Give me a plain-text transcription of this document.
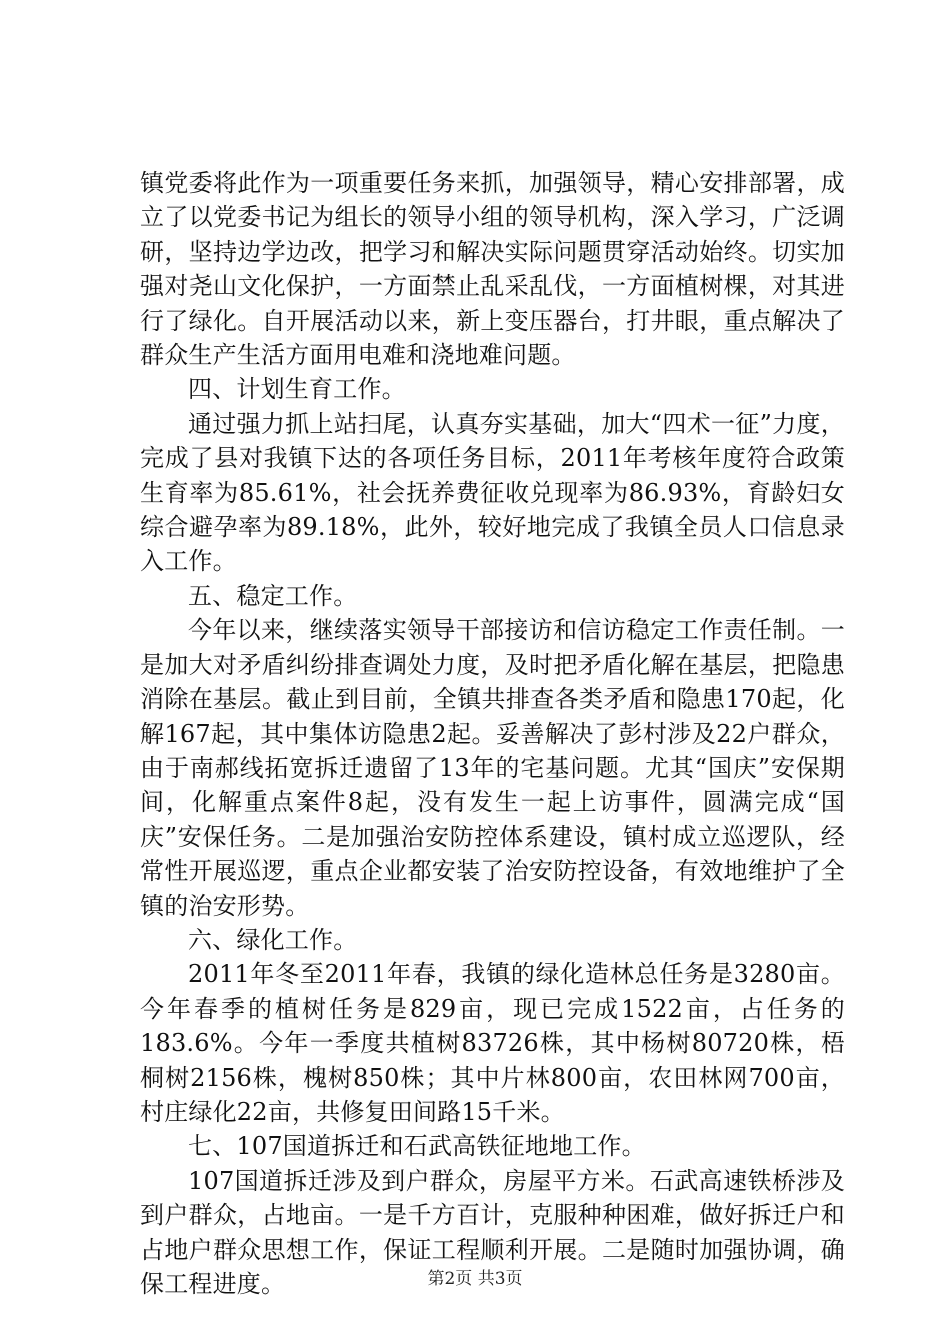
镇党委将此作为一项重要任务来抓，加强领导，精心安排部署，成立了以党委书记为组长的领导小组的领导机构，深入学习，广泛调研，坚持边学边改，把学习和解决实际问题贯穿活动始终。切实加强对尧山文化保护，一方面禁止乱采乱伐，一方面植树棵，对其进行了绿化。自开展活动以来，新上变压器台，打井眼，重点解决了群众生产生活方面用电难和浇地难问题。

四、计划生育工作。

通过强力抓上站扫尾，认真夯实基础，加大“四术一征”力度，完成了县对我镇下达的各项任务目标，2011年考核年度符合政策生育率为85.61%，社会抚养费征收兑现率为86.93%，育龄妇女综合避孕率为89.18%，此外，较好地完成了我镇全员人口信息录入工作。

五、稳定工作。

今年以来，继续落实领导干部接访和信访稳定工作责任制。一是加大对矛盾纠纷排查调处力度，及时把矛盾化解在基层，把隐患消除在基层。截止到目前，全镇共排查各类矛盾和隐患170起，化解167起，其中集体访隐患2起。妥善解决了彭村涉及22户群众，由于南郝线拓宽拆迁遗留了13年的宅基问题。尤其“国庆”安保期间，化解重点案件8起，没有发生一起上访事件，圆满完成“国庆”安保任务。二是加强治安防控体系建设，镇村成立巡逻队，经常性开展巡逻，重点企业都安装了治安防控设备，有效地维护了全镇的治安形势。

六、绿化工作。

2011年冬至2011年春，我镇的绿化造林总任务是3280亩。今年春季的植树任务是829亩，现已完成1522亩，占任务的183.6%。今年一季度共植树83726株，其中杨树80720株，梧桐树2156株，槐树850株；其中片林800亩，农田林网700亩，村庄绿化22亩，共修复田间路15千米。

七、107国道拆迁和石武高铁征地地工作。

107国道拆迁涉及到户群众，房屋平方米。石武高速铁桥涉及到户群众，占地亩。一是千方百计，克服种种困难，做好拆迁户和占地户群众思想工作，保证工程顺利开展。二是随时加强协调，确保工程进度。	第2页 共3页
